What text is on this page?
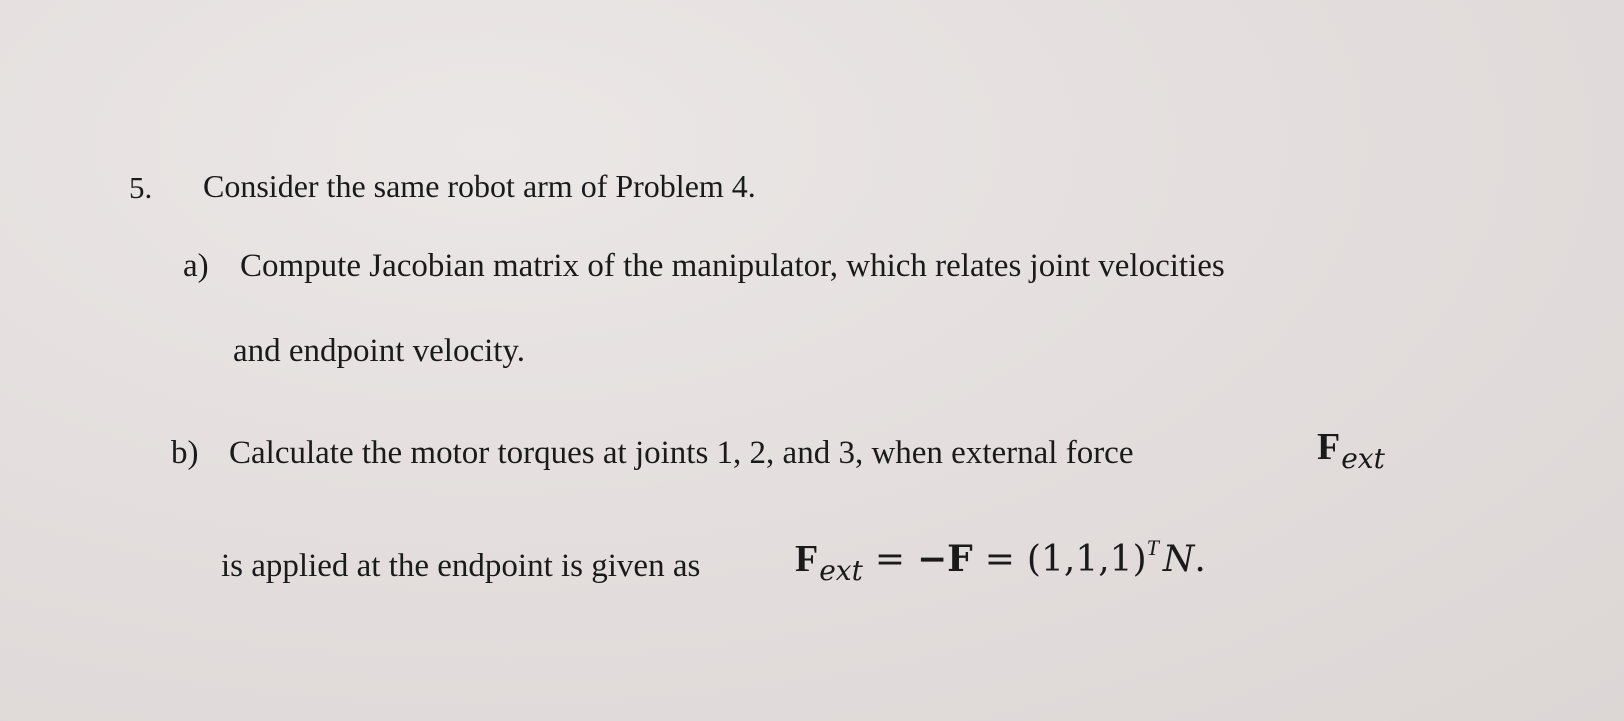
5. Consider the same robot arm of Problem 4.
a) Compute Jacobian matrix of the manipulator, which relates joint velocities
and endpoint velocity.
b) Calculate the motor torques at joints 1, 2, and 3, when external force	Fext
is applied at the endpoint is given as Fext = −F = (1,1,1)T N.
